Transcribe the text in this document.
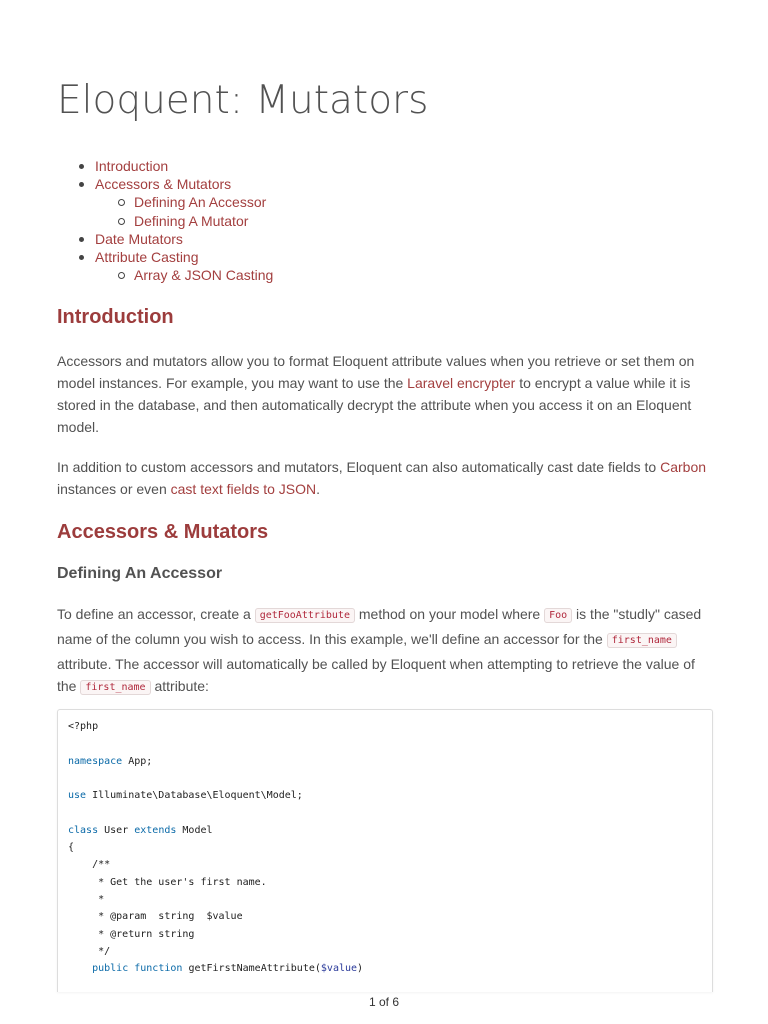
Eloquent: Mutators
Introduction
Accessors & Mutators
Defining An Accessor
Defining A Mutator
Date Mutators
Attribute Casting
Array & JSON Casting
Introduction

Accessors and mutators allow you to format Eloquent attribute values when you retrieve or set them on model instances. For example, you may want to use the Laravel encrypter to encrypt a value while it is stored in the database, and then automatically decrypt the attribute when you access it on an Eloquent model.

In addition to custom accessors and mutators, Eloquent can also automatically cast date fields to Carbon instances or even cast text fields to JSON.

Accessors & Mutators
Defining An Accessor

To define an accessor, create a getFooAttribute method on your model where Foo is the "studly" cased name of the column you wish to access. In this example, we'll define an accessor for the first_name attribute. The accessor will automatically be called by Eloquent when attempting to retrieve the value of the first_name attribute:

<?php
namespace App;
use Illuminate\Database\Eloquent\Model;
class User extends Model
{
/**
* Get the user's first name.
*
* @param  string  $value
* @return string
*/
public function getFirstNameAttribute($value)
1 of 6
